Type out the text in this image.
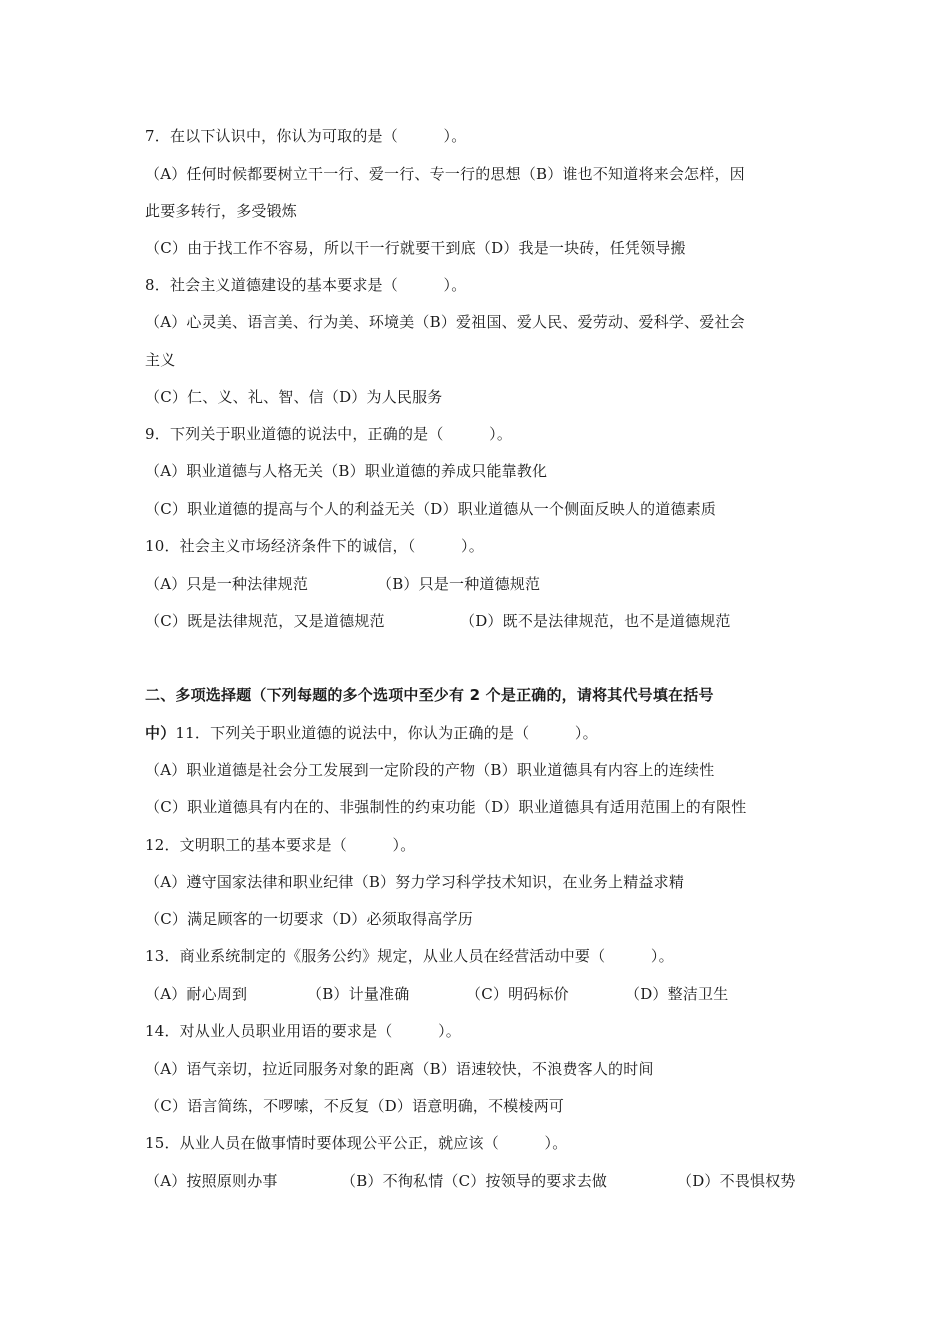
7．在以下认识中，你认为可取的是（　　　）。
（A）任何时候都要树立干一行、爱一行、专一行的思想（B）谁也不知道将来会怎样，因
此要多转行，多受锻炼
（C）由于找工作不容易，所以干一行就要干到底（D）我是一块砖，任凭领导搬
8．社会主义道德建设的基本要求是（　　　）。
（A）心灵美、语言美、行为美、环境美（B）爱祖国、爱人民、爱劳动、爱科学、爱社会
主义
（C）仁、义、礼、智、信（D）为人民服务
9．下列关于职业道德的说法中，正确的是（　　　）。
（A）职业道德与人格无关（B）职业道德的养成只能靠教化
（C）职业道德的提高与个人的利益无关（D）职业道德从一个侧面反映人的道德素质
10．社会主义市场经济条件下的诚信，（　　　）。
（A）只是一种法律规范	（B）只是一种道德规范
（C）既是法律规范，又是道德规范	（D）既不是法律规范，也不是道德规范
二、多项选择题（下列每题的多个选项中至少有 2 个是正确的，请将其代号填在括号
中）11．下列关于职业道德的说法中，你认为正确的是（　　　）。
（A）职业道德是社会分工发展到一定阶段的产物（B）职业道德具有内容上的连续性
（C）职业道德具有内在的、非强制性的约束功能（D）职业道德具有适用范围上的有限性
12．文明职工的基本要求是（　　　）。
（A）遵守国家法律和职业纪律（B）努力学习科学技术知识，在业务上精益求精
（C）满足顾客的一切要求（D）必须取得高学历
13．商业系统制定的《服务公约》规定，从业人员在经营活动中要（　　　）。
（A）耐心周到	（B）计量准确	（C）明码标价	（D）整洁卫生
14．对从业人员职业用语的要求是（　　　）。
（A）语气亲切，拉近同服务对象的距离（B）语速较快，不浪费客人的时间
（C）语言简练，不啰嗦，不反复（D）语意明确，不模棱两可
15．从业人员在做事情时要体现公平公正，就应该（　　　）。
（A）按照原则办事	（B）不徇私情（C）按领导的要求去做	（D）不畏惧权势
